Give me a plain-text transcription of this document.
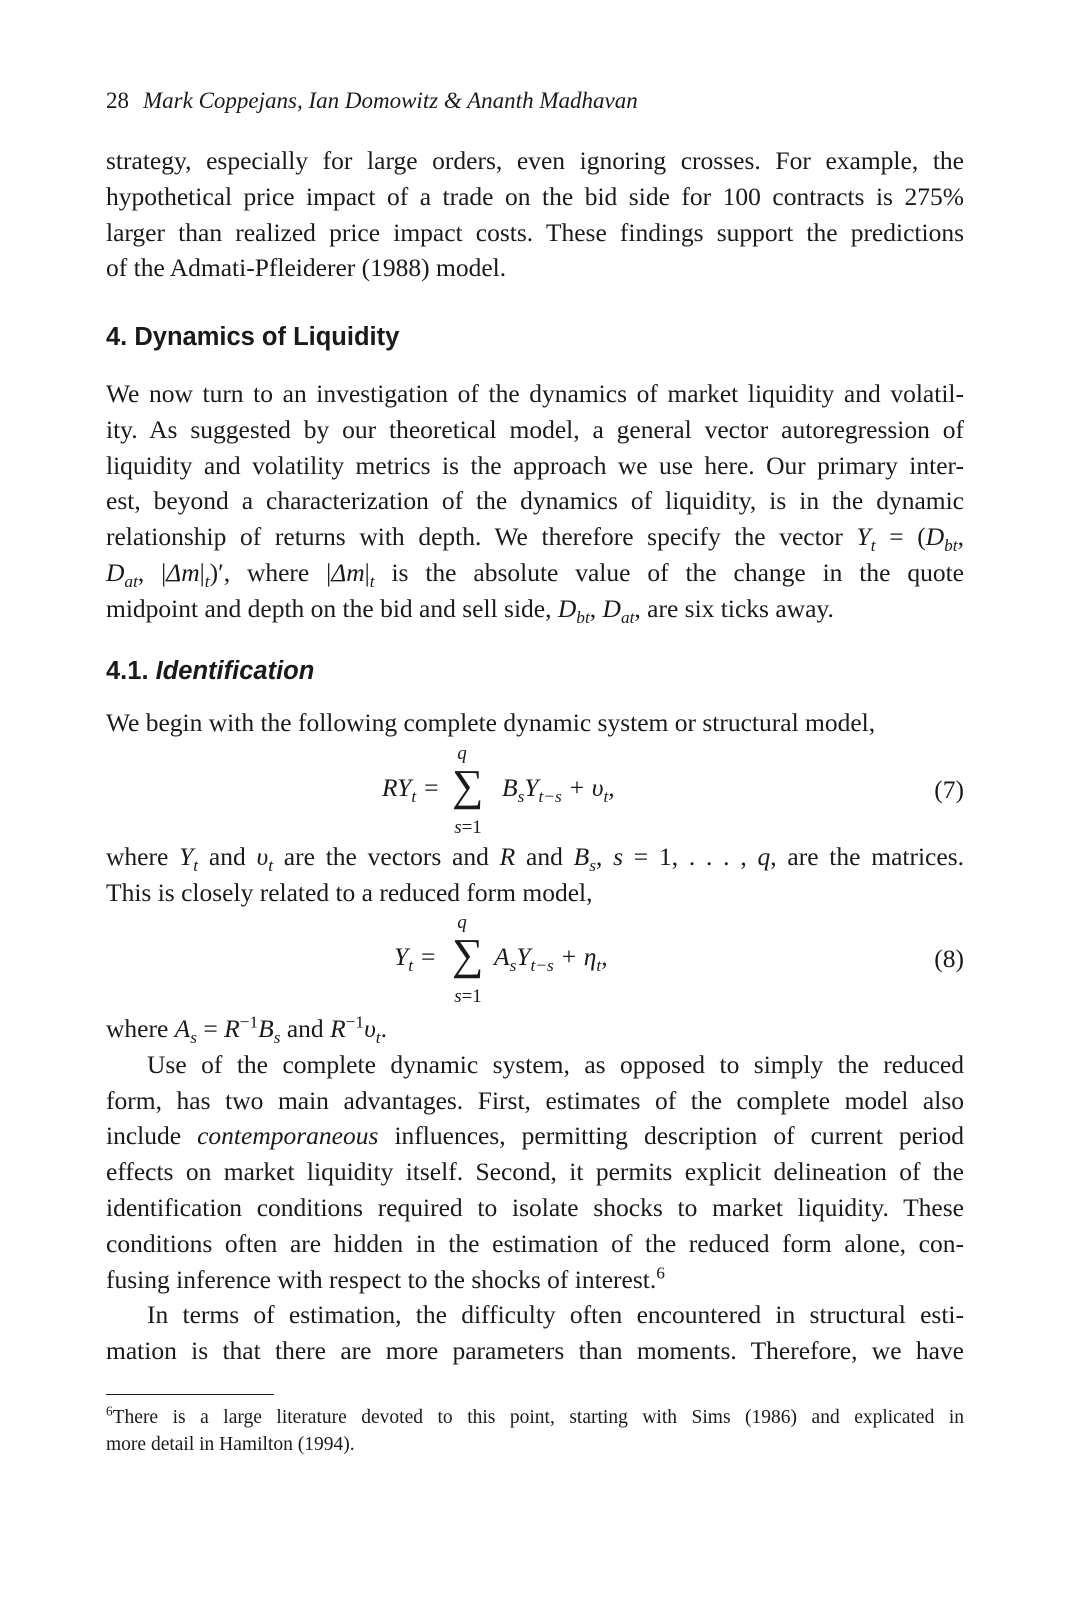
28 Mark Coppejans, Ian Domowitz & Ananth Madhavan
strategy, especially for large orders, even ignoring crosses. For example, the
hypothetical price impact of a trade on the bid side for 100 contracts is 275%
larger than realized price impact costs. These findings support the predictions
of the Admati-Pfleiderer (1988) model.
4. Dynamics of Liquidity
We now turn to an investigation of the dynamics of market liquidity and volatil-
ity. As suggested by our theoretical model, a general vector autoregression of
liquidity and volatility metrics is the approach we use here. Our primary inter-
est, beyond a characterization of the dynamics of liquidity, is in the dynamic
relationship of returns with depth. We therefore specify the vector $Y_t = (D_{bt}$,
$D_{at}$, $|\Delta m|_t)'$, where $|\Delta m|_t$ is the absolute value of the change in the quote
midpoint and depth on the bid and sell side, $D_{bt}$, $D_{at}$, are six ticks away.
4.1. Identification
We begin with the following complete dynamic system or structural model,
$RY_t$ =
q
∑
s=1
$B_sY_{t-s} + \upsilon_t$,	(7)
where $Y_t$ and $\upsilon_t$ are the vectors and R and $B_s$, s = 1, . . . , q, are the matrices.
This is closely related to a reduced form model,
$Y_t$ =
q
∑
s=1
$A_sY_{t-s} + \eta_t$,	(8)
where $A_s = R^{-1}B_s$ and $R^{-1}\upsilon_t$.
Use of the complete dynamic system, as opposed to simply the reduced
form, has two main advantages. First, estimates of the complete model also
include contemporaneous influences, permitting description of current period
effects on market liquidity itself. Second, it permits explicit delineation of the
identification conditions required to isolate shocks to market liquidity. These
conditions often are hidden in the estimation of the reduced form alone, con-
fusing inference with respect to the shocks of interest.$^6$
In terms of estimation, the difficulty often encountered in structural esti-
mation is that there are more parameters than moments. Therefore, we have
$^6$There is a large literature devoted to this point, starting with Sims (1986) and explicated in
more detail in Hamilton (1994).
